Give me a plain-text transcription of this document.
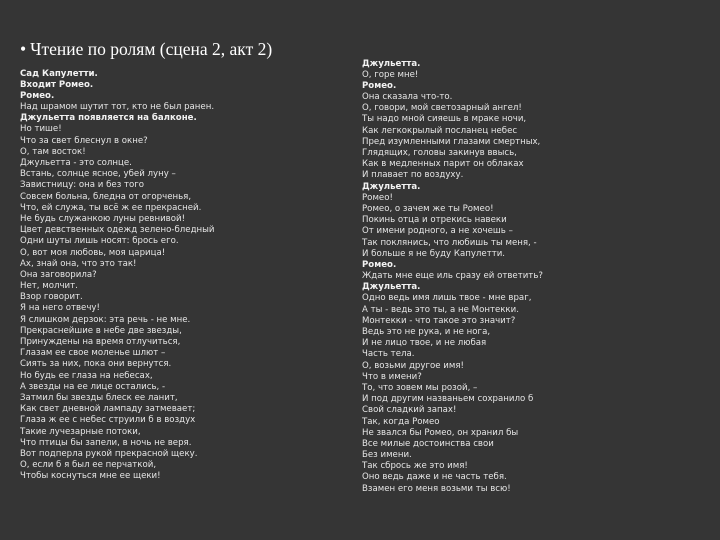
• Чтение по ролям (сцена 2, акт 2)
Сад Капулетти.
Входит Ромео.
Ромео.
Над шрамом шутит тот, кто не был ранен.
Джульетта появляется на балконе.
Но тише!
Что за свет блеснул в окне?
О, там восток!
Джульетта - это солнце.
Встань, солнце ясное, убей луну –
Завистницу: она и без того
Совсем больна, бледна от огорченья,
Что, ей служа, ты всё ж ее прекрасней.
Не будь служанкою луны ревнивой!
Цвет девственных одежд зелено-бледный
Одни шуты лишь носят: брось его.
О, вот моя любовь, моя царица!
Ах, знай она, что это так!
Она заговорила?
Нет, молчит.
Взор говорит.
Я на него отвечу!
Я слишком дерзок: эта речь - не мне.
Прекраснейшие в небе две звезды,
Принуждены на время отлучиться,
Глазам ее свое моленье шлют –
Сиять за них, пока они вернутся.
Но будь ее глаза на небесах,
А звезды на ее лице остались, -
Затмил бы звезды блеск ее ланит,
Как свет дневной лампаду затмевает;
Глаза ж ее с небес струили б в воздух
Такие лучезарные потоки,
Что птицы бы запели, в ночь не веря.
Вот подперла рукой прекрасной щеку.
О, если б я был ее перчаткой,
Чтобы коснуться мне ее щеки!
Джульетта.
О, горе мне!
Ромео.
Она сказала что-то.
О, говори, мой светозарный ангел!
Ты надо мной сияешь в мраке ночи,
Как легкокрылый посланец небес
Пред изумленными глазами смертных,
Глядящих, головы закинув ввысь,
Как в медленных парит он облаках
И плавает по воздуху.
Джульетта.
Ромео!
Ромео, о зачем же ты Ромео!
Покинь отца и отрекись навеки
От имени родного, а не хочешь –
Так поклянись, что любишь ты меня, -
И больше я не буду Капулетти.
Ромео.
Ждать мне еще иль сразу ей ответить?
Джульетта.
Одно ведь имя лишь твое - мне враг,
А ты - ведь это ты, а не Монтекки.
Монтекки - что такое это значит?
Ведь это не рука, и не нога,
И не лицо твое, и не любая
Часть тела.
О, возьми другое имя!
Что в имени?
То, что зовем мы розой, –
И под другим названьем сохранило б
Свой сладкий запах!
Так, когда Ромео
Не звался бы Ромео, он хранил бы
Все милые достоинства свои
Без имени.
Так сбрось же это имя!
Оно ведь даже и не часть тебя.
Взамен его меня возьми ты всю!
